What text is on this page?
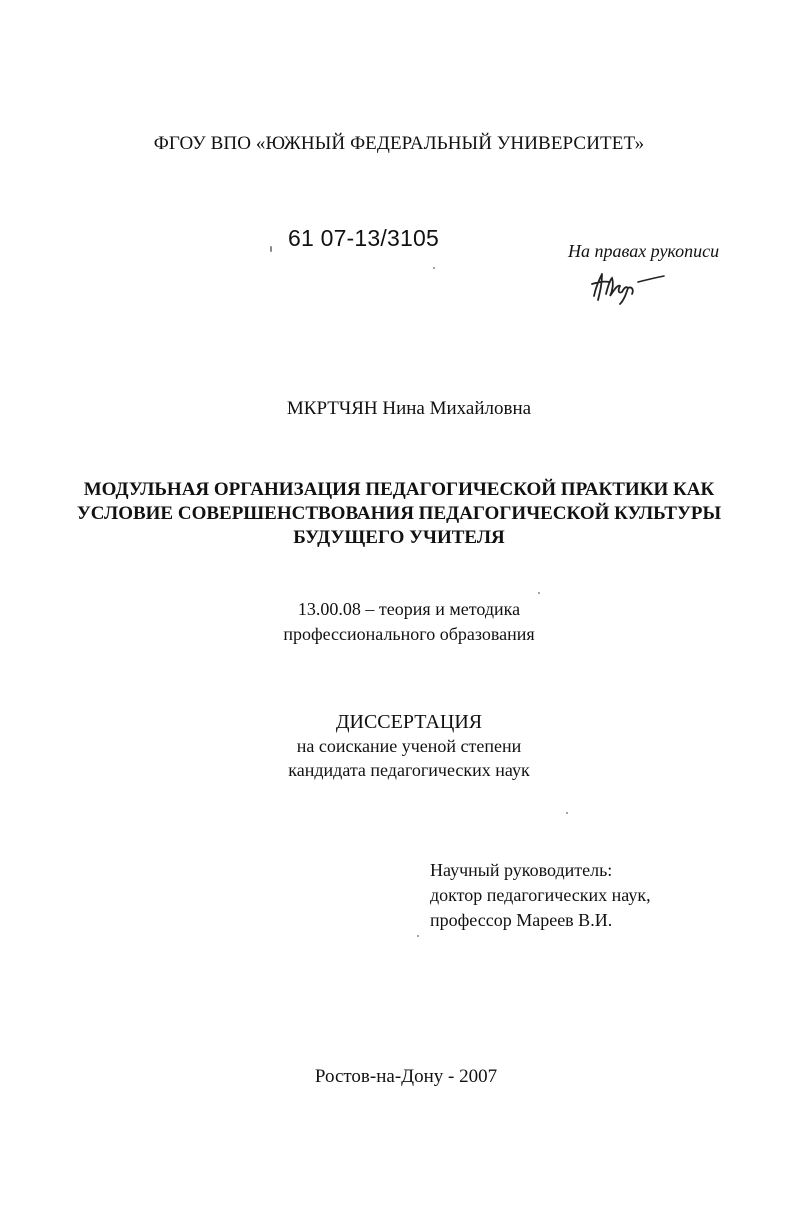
ФГОУ ВПО «ЮЖНЫЙ ФЕДЕРАЛЬНЫЙ УНИВЕРСИТЕТ»
61 07-13/3105	На правах рукописи
МКРТЧЯН Нина Михайловна
МОДУЛЬНАЯ ОРГАНИЗАЦИЯ ПЕДАГОГИЧЕСКОЙ ПРАКТИКИ КАК
УСЛОВИЕ СОВЕРШЕНСТВОВАНИЯ ПЕДАГОГИЧЕСКОЙ КУЛЬТУРЫ
БУДУЩЕГО УЧИТЕЛЯ
13.00.08 – теория и методика
профессионального образования
ДИССЕРТАЦИЯ
на соискание ученой степени
кандидата педагогических наук
Научный руководитель:
доктор педагогических наук,
профессор Мареев В.И.
Ростов-на-Дону - 2007
